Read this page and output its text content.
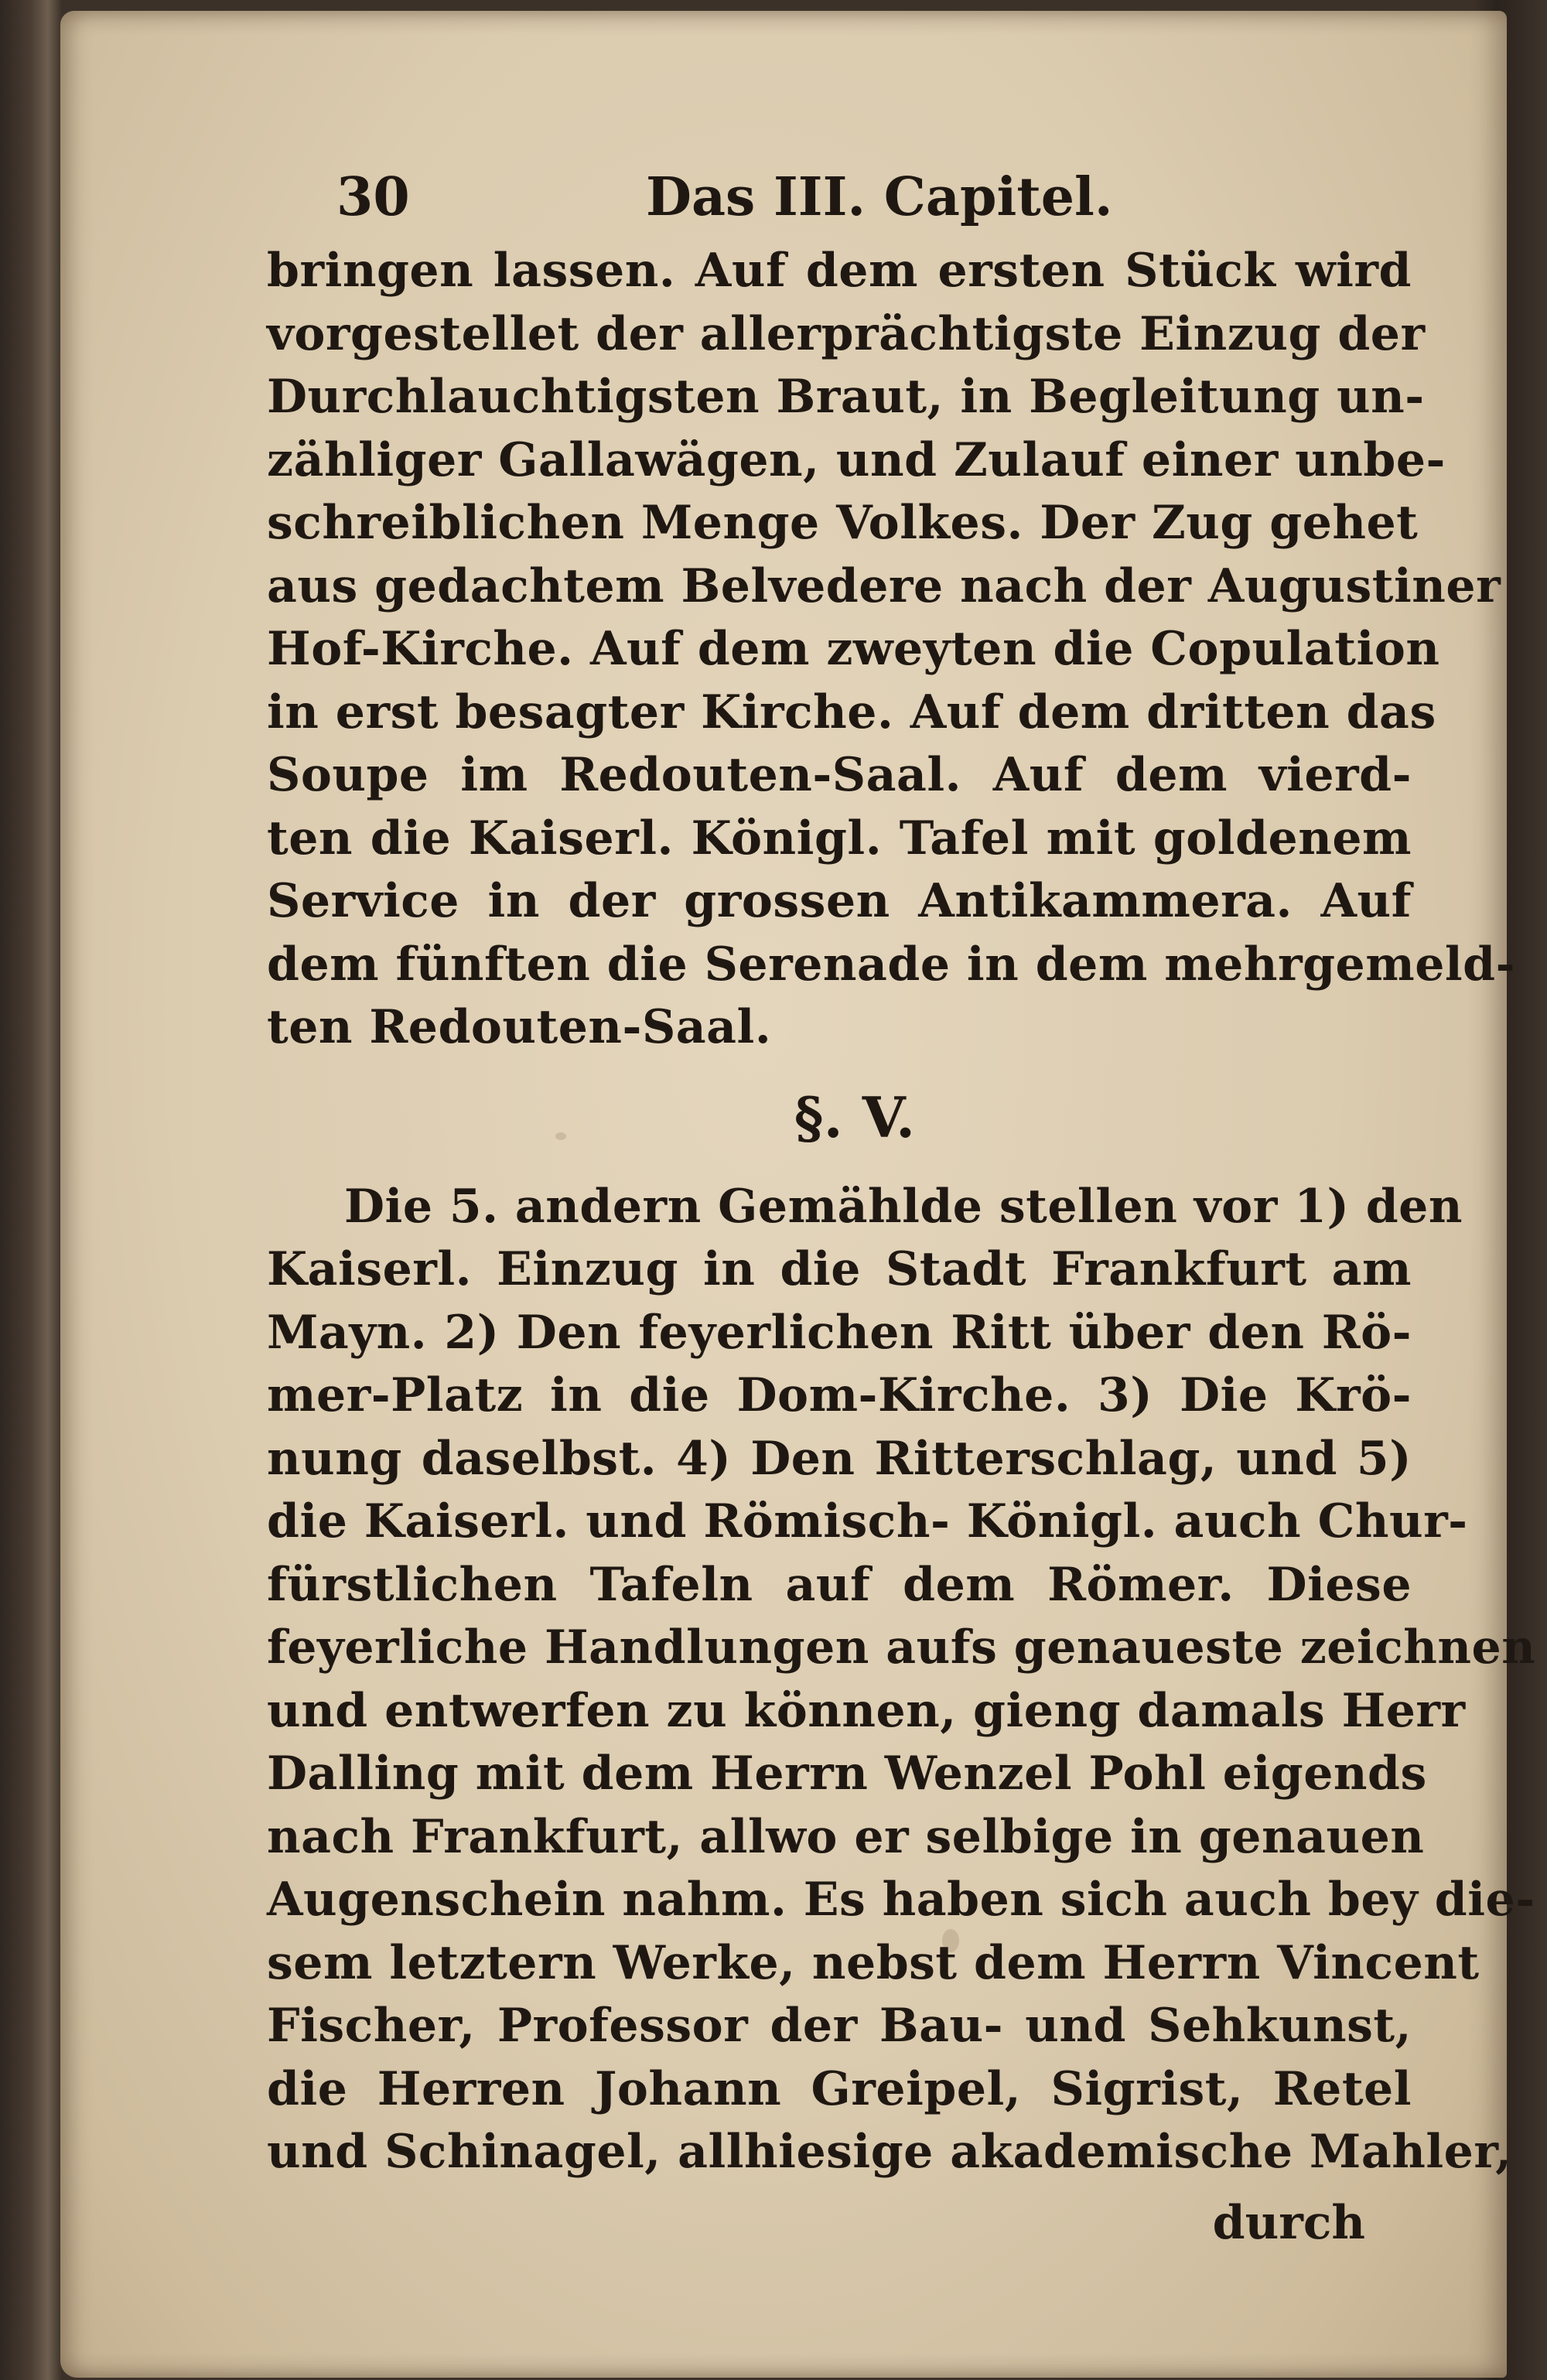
30	Das III. Capitel.
bringen lassen. Auf dem ersten Stück wird
vorgestellet der allerprächtigste Einzug der
Durchlauchtigsten Braut, in Begleitung un-
zähliger Gallawägen, und Zulauf einer unbe-
schreiblichen Menge Volkes. Der Zug gehet
aus gedachtem Belvedere nach der Augustiner
Hof-Kirche. Auf dem zweyten die Copulation
in erst besagter Kirche. Auf dem dritten das
Soupe im Redouten-Saal. Auf dem vierd-
ten die Kaiserl. Königl. Tafel mit goldenem
Service in der grossen Antikammera. Auf
dem fünften die Serenade in dem mehrgemeld-
ten Redouten-Saal.
§. V.
Die 5. andern Gemählde stellen vor 1) den
Kaiserl. Einzug in die Stadt Frankfurt am
Mayn. 2) Den feyerlichen Ritt über den Rö-
mer-Platz in die Dom-Kirche. 3) Die Krö-
nung daselbst. 4) Den Ritterschlag, und 5)
die Kaiserl. und Römisch- Königl. auch Chur-
fürstlichen Tafeln auf dem Römer. Diese
feyerliche Handlungen aufs genaueste zeichnen
und entwerfen zu können, gieng damals Herr
Dalling mit dem Herrn Wenzel Pohl eigends
nach Frankfurt, allwo er selbige in genauen
Augenschein nahm. Es haben sich auch bey die-
sem letztern Werke, nebst dem Herrn Vincent
Fischer, Professor der Bau- und Sehkunst,
die Herren Johann Greipel, Sigrist, Retel
und Schinagel, allhiesige akademische Mahler,
durch
